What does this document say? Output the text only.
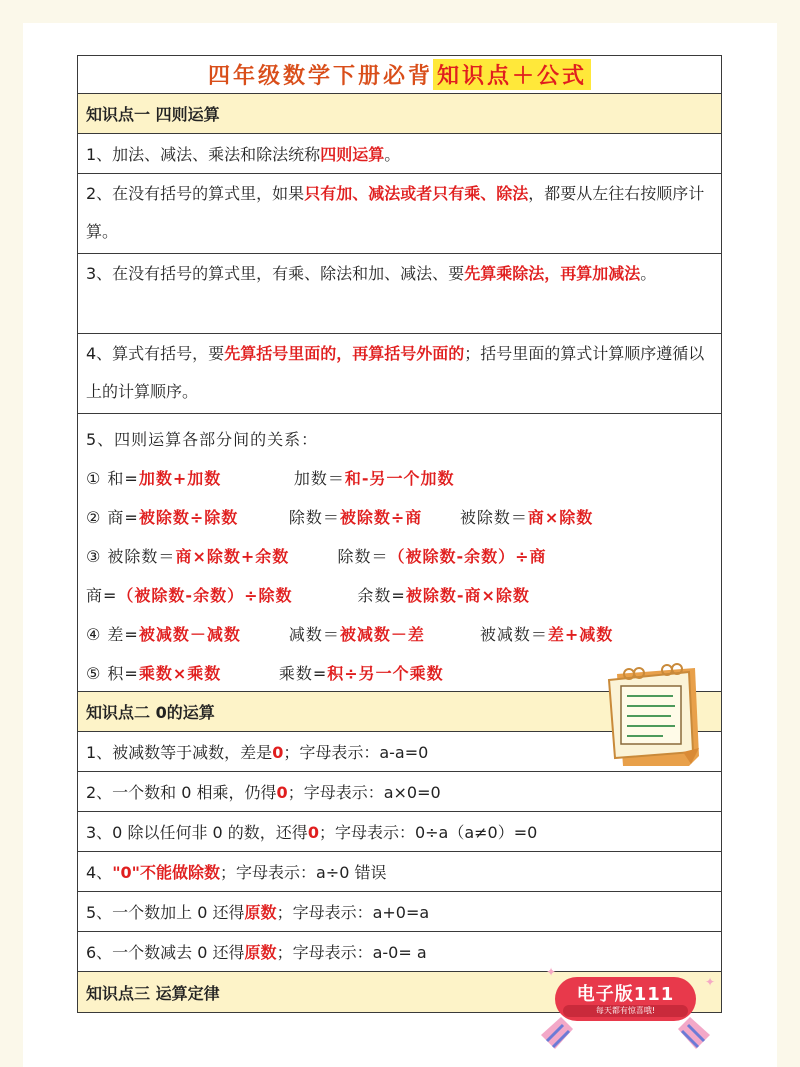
四年级数学下册必背 知识点＋公式
知识点一 四则运算
1、加法、减法、乘法和除法统称四则运算。
2、在没有括号的算式里，如果只有加、减法或者只有乘、除法，都要从左往右按顺序计算。
3、在没有括号的算式里，有乘、除法和加、减法、要先算乘除法，再算加减法。
4、算式有括号，要先算括号里面的，再算括号外面的；括号里面的算式计算顺序遵循以上的计算顺序。
5、四则运算各部分间的关系：
① 和=加数+加数	加数＝和-另一个加数
② 商=被除数÷除数	除数＝被除数÷商 被除数＝商×除数
③ 被除数＝商×除数+余数	除数＝（被除数-余数）÷商
商=（被除数-余数）÷除数	余数=被除数-商×除数
④ 差=被减数－减数	减数＝被减数－差	被减数＝差+减数
⑤ 积=乘数×乘数	乘数=积÷另一个乘数
知识点二 0的运算
1、被减数等于减数，差是0；字母表示：a-a=0
2、一个数和 0 相乘，仍得0；字母表示：a×0=0
3、0 除以任何非 0 的数，还得0；字母表示：0÷a（a≠0）=0
4、"0"不能做除数；字母表示：a÷0 错误
5、一个数加上 0 还得原数；字母表示：a+0=a
6、一个数减去 0 还得原数；字母表示：a-0= a
知识点三 运算定律	电子版111
每天都有惊喜哦!
✦
✦
